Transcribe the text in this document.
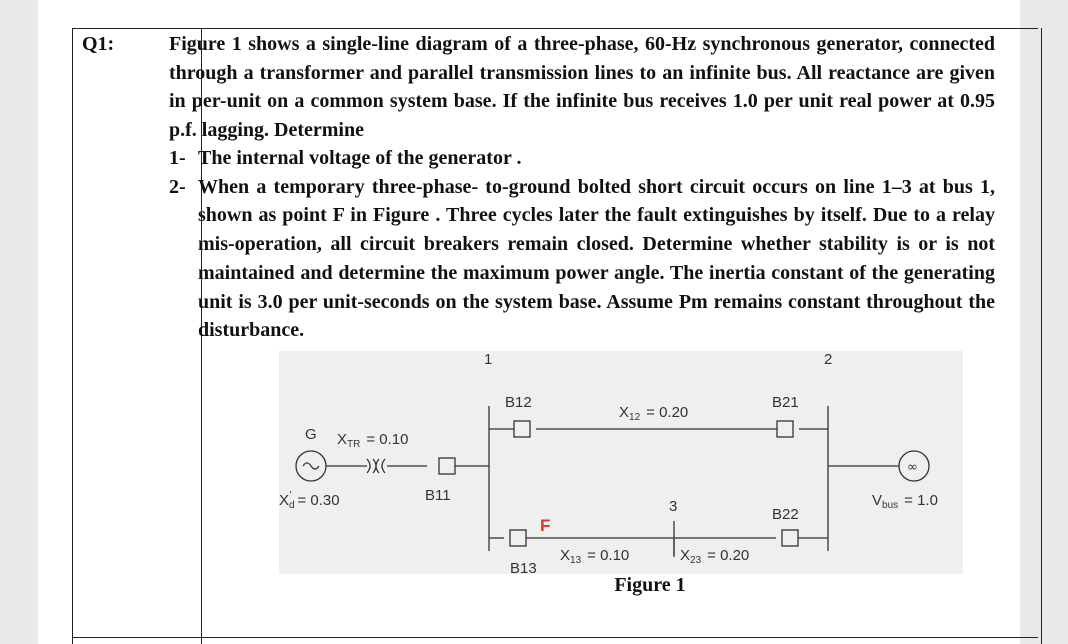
Q1:	Figure 1 shows a single-line diagram of a three-phase, 60-Hz synchronous generator, connected through a transformer and parallel transmission lines to an infinite bus. All reactance are given in per-unit on a common system base. If the infinite bus receives 1.0 per unit real power at 0.95 p.f. lagging. Determine

1- The internal voltage of the generator .
2- When a temporary three-phase- to-ground bolted short circuit occurs on line 1–3 at bus 1, shown as point F in Figure . Three cycles later the fault extinguishes by itself. Due to a relay mis-operation, all circuit breakers remain closed. Determine whether stability is or is not maintained and determine the maximum power angle. The inertia constant of the generating unit is 3.0 per unit-seconds on the system base. Assume Pm remains constant throughout the disturbance.
1	2
3
G XTR = 0.10
Xd′ = 0.30	B11
B12
X12 = 0.20
B21
B13
X13 = 0.10	X23 = 0.20
B22
F
∞
Vbus = 1.0
Figure 1
